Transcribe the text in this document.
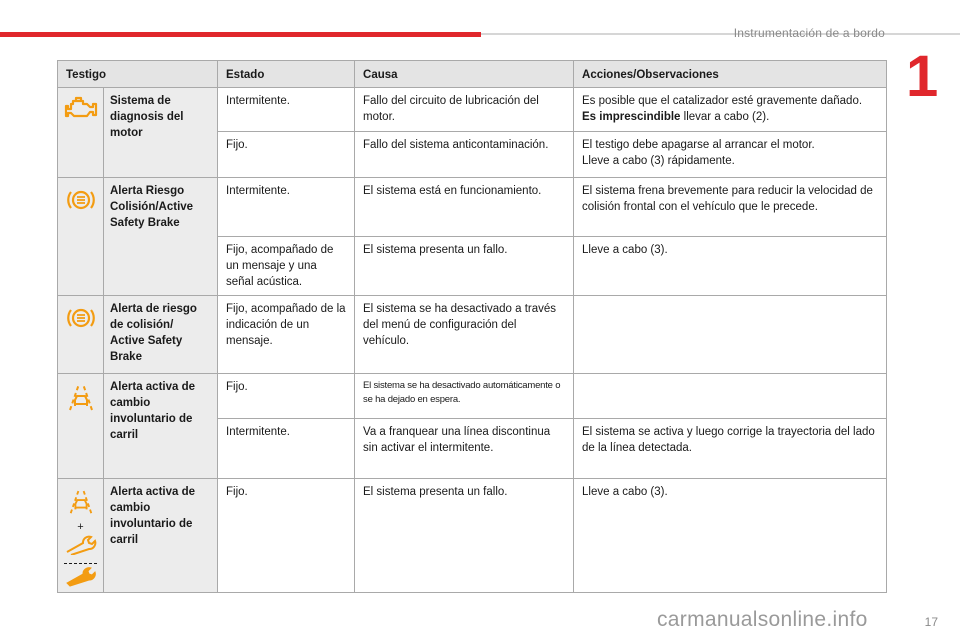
Instrumentación de a bordo
1
Testigo		Estado	Causa	Acciones/Observaciones
	Sistema de diagnosis del motor	Intermitente.	Fallo del circuito de lubricación del motor.	Es posible que el catalizador esté gravemente dañado.
Es imprescindible llevar a cabo (2).
		Fijo.	Fallo del sistema anticontaminación.	El testigo debe apagarse al arrancar el motor.
Lleve a cabo (3) rápidamente.
	Alerta Riesgo Colisión/Active Safety Brake	Intermitente.	El sistema está en funcionamiento.	El sistema frena brevemente para reducir la velocidad de colisión frontal con el vehículo que le precede.
		Fijo, acompañado de un mensaje y una señal acústica.	El sistema presenta un fallo.	Lleve a cabo (3).
	Alerta de riesgo de colisión/ Active Safety Brake	Fijo, acompañado de la indicación de un mensaje.	El sistema se ha desactivado a través del menú de configuración del vehículo.	
	Alerta activa de cambio involuntario de carril	Fijo.	El sistema se ha desactivado automáticamente o se ha dejado en espera.	
		Intermitente.	Va a franquear una línea discontinua sin activar el intermitente.	El sistema se activa y luego corrige la trayectoria del lado de la línea detectada.

+	Alerta activa de cambio involuntario de carril	Fijo.	El sistema presenta un fallo.	Lleve a cabo (3).
carmanualsonline.info	17
